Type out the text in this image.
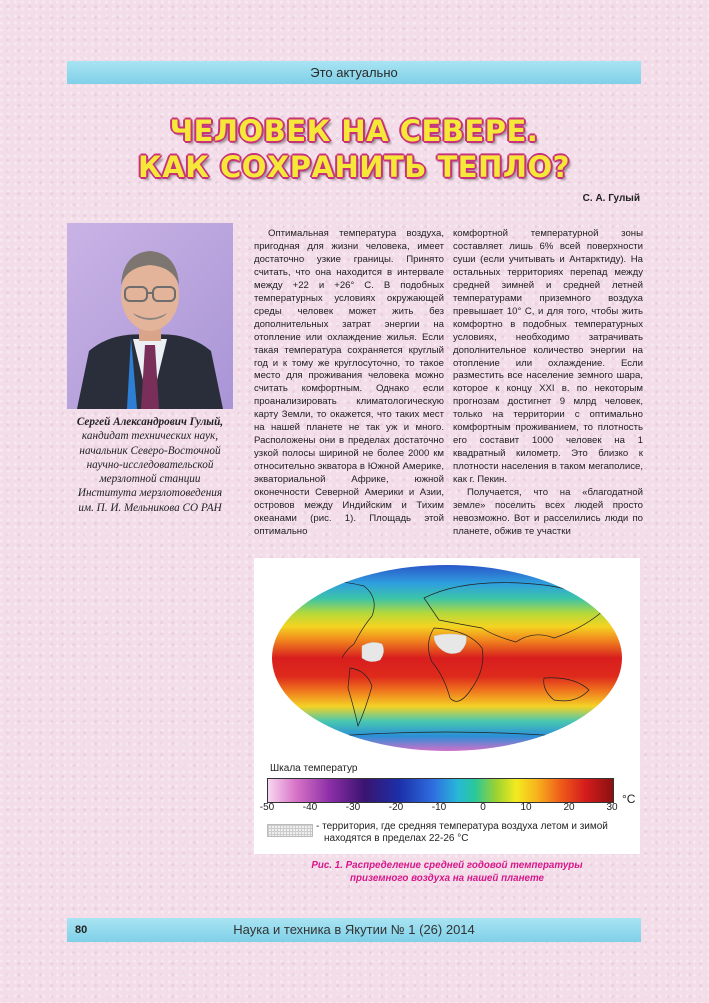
Это актуально
ЧЕЛОВЕК НА СЕВЕРЕ.
КАК СОХРАНИТЬ ТЕПЛО?
С. А. Гулый
Сергей Александрович Гулый,
кандидат технических наук,
начальник Северо-Восточной
научно-исследовательской
мерзлотной станции
Института мерзлотоведения
им. П. И. Мельникова СО РАН

Оптимальная температура воздуха, пригодная для жизни человека, имеет достаточно узкие границы. Принято считать, что она находится в интервале между +22 и +26° С. В подобных температурных условиях окружающей среды человек может жить без дополнительных затрат энергии на отопление или охлаждение жилья. Если такая температура сохраняется круглый год и к тому же круглосуточно, то такое место для проживания человека можно считать комфортным. Однако если проанализировать климатологическую карту Земли, то окажется, что таких мест на нашей планете не так уж и много. Расположены они в пределах достаточно узкой полосы шириной не более 2000 км относительно экватора в Южной Америке, экваториальной Африке, южной оконечности Северной Америки и Азии, островов между Индийским и Тихим океанами (рис. 1). Площадь этой оптимально

комфортной температурной зоны составляет лишь 6% всей поверхности суши (если учитывать и Антарктиду). На остальных территориях перепад между средней зимней и средней летней температурами приземного воздуха превышает 10° С, и для того, чтобы жить комфортно в подобных температурных условиях, необходимо затрачивать дополнительное количество энергии на отопление или охлаждение. Если разместить все население земного шара, которое к концу XXI в. по некоторым прогнозам достигнет 9 млрд человек, только на территории с оптимально комфортным проживанием, то плотность его составит 1000 человек на 1 квадратный километр. Это близко к плотности населения в таком мегаполисе, как г. Пекин.

Получается, что на «благодатной земле» поселить всех людей просто невозможно. Вот и расселились люди по планете, обжив те участки

Шкала температур
-50	-40	-30	-20	-10	0	10	20	30
°C
- территория, где средняя температура воздуха летом и зимой
находятся в пределах 22-26 °C
Рис. 1. Распределение средней годовой температуры
приземного воздуха на нашей планете
80	Наука и техника в Якутии № 1 (26) 2014
